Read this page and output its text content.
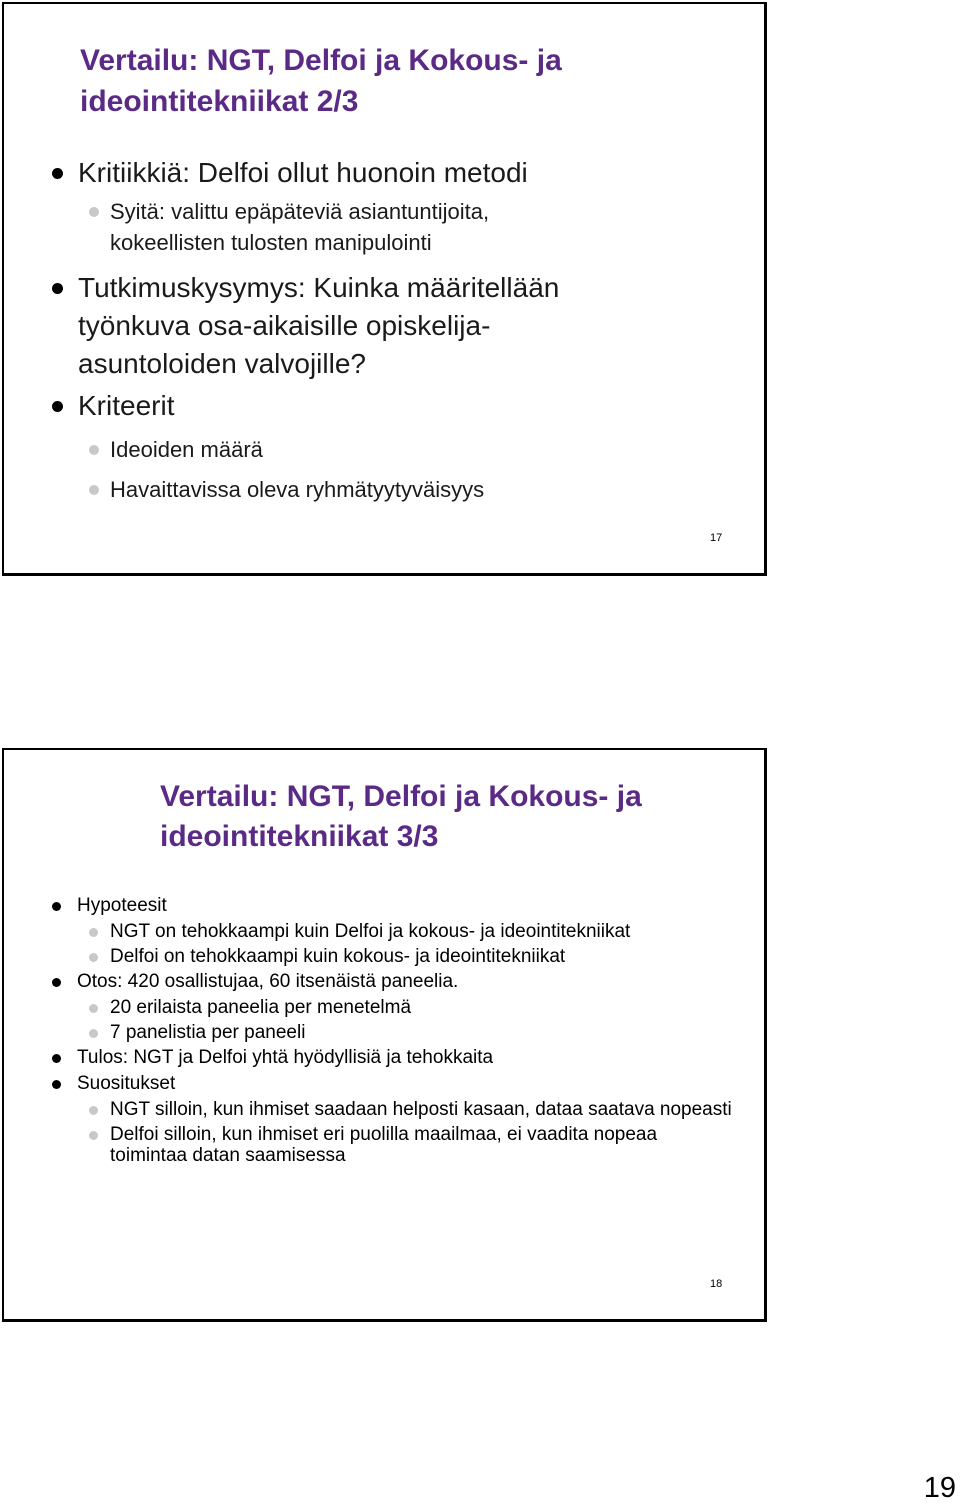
Vertailu: NGT, Delfoi ja Kokous- ja ideointitekniikat 2/3
Kritiikkiä: Delfoi ollut huonoin metodi
Syitä: valittu epäpäteviä asiantuntijoita, kokeellisten tulosten manipulointi
Tutkimuskysymys: Kuinka määritellään työnkuva osa-aikaisille opiskelija-asuntoloiden valvojille?
Kriteerit
Ideoiden määrä
Havaittavissa oleva ryhmätyytyväisyys
17
Vertailu: NGT, Delfoi ja Kokous- ja ideointitekniikat 3/3
Hypoteesit
NGT on tehokkaampi kuin Delfoi ja kokous- ja ideointitekniikat
Delfoi on tehokkaampi kuin kokous- ja ideointitekniikat
Otos: 420 osallistujaa, 60 itsenäistä paneelia.
20 erilaista paneelia per menetelmä
7 panelistia per paneeli
Tulos: NGT ja Delfoi yhtä hyödyllisiä ja tehokkaita
Suositukset
NGT silloin, kun ihmiset saadaan helposti kasaan, dataa saatava nopeasti
Delfoi silloin, kun ihmiset eri puolilla maailmaa, ei vaadita nopeaa toimintaa datan saamisessa
18
19
